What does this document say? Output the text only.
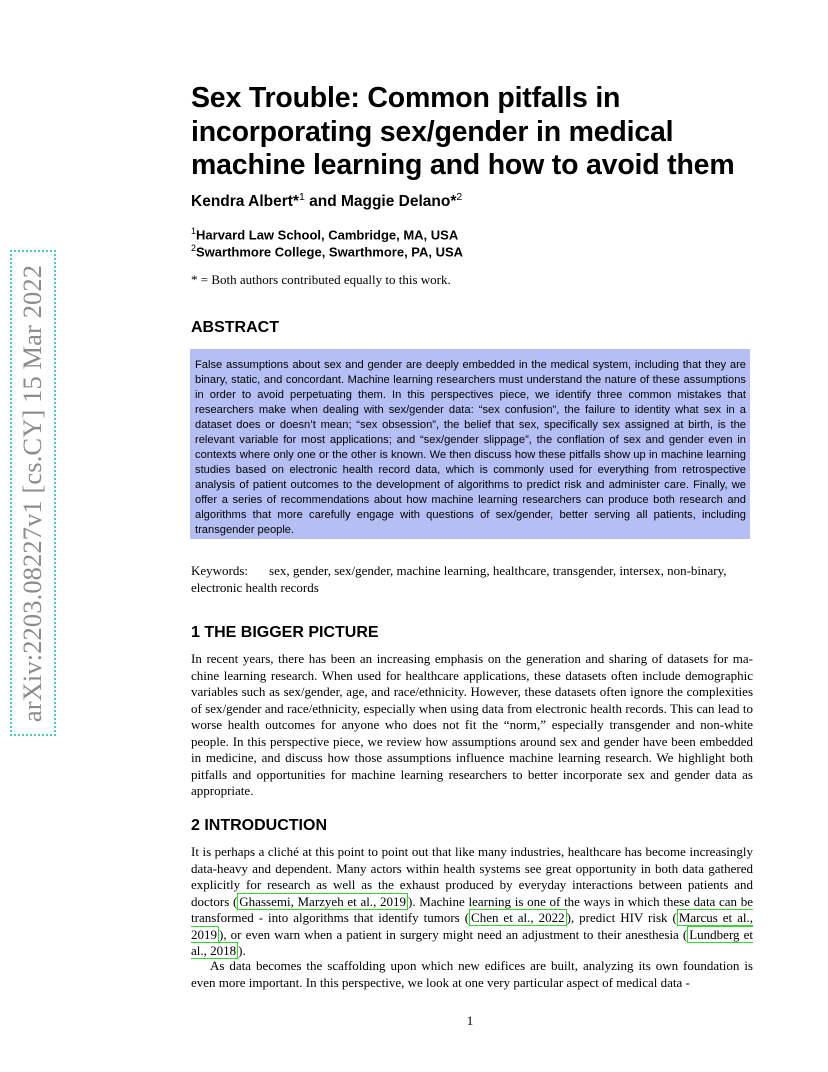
arXiv:2203.08227v1 [cs.CY] 15 Mar 2022
Sex Trouble: Common pitfalls in incorporating sex/gender in medical machine learning and how to avoid them
Kendra Albert*$^1$ and Maggie Delano*$^2$
$^1$Harvard Law School, Cambridge, MA, USA
$^2$Swarthmore College, Swarthmore, PA, USA
* = Both authors contributed equally to this work.
ABSTRACT
False assumptions about sex and gender are deeply embedded in the medical system, including that they are binary, static, and concordant. Machine learning researchers must understand the nature of these assumptions in order to avoid perpetuating them. In this perspectives piece, we identify three common mistakes that researchers make when dealing with sex/gender data: “sex confusion”, the failure to identity what sex in a dataset does or doesn’t mean; “sex obsession”, the belief that sex, specifically sex assigned at birth, is the relevant variable for most applications; and “sex/gender slippage”, the conflation of sex and gender even in contexts where only one or the other is known. We then discuss how these pitfalls show up in machine learning studies based on electronic health record data, which is commonly used for everything from retrospective analysis of patient outcomes to the development of algorithms to predict risk and administer care. Finally, we offer a series of recommendations about how machine learning researchers can produce both research and algorithms that more carefully engage with questions of sex/gender, better serving all patients, including transgender people.
Keywords: sex, gender, sex/gender, machine learning, healthcare, transgender, intersex, non-binary, electronic health records
1 THE BIGGER PICTURE
In recent years, there has been an increasing emphasis on the generation and sharing of datasets for machine learning research. When used for healthcare applications, these datasets often include demographic variables such as sex/gender, age, and race/ethnicity. However, these datasets often ignore the complexities of sex/gender and race/ethnicity, especially when using data from electronic health records. This can lead to worse health outcomes for anyone who does not fit the “norm,” especially transgender and non-white people. In this perspective piece, we review how assumptions around sex and gender have been embedded in medicine, and discuss how those assumptions influence machine learning research. We highlight both pitfalls and opportunities for machine learning researchers to better incorporate sex and gender data as appropriate.
2 INTRODUCTION
It is perhaps a cliché at this point to point out that like many industries, healthcare has become increasingly data-heavy and dependent. Many actors within health systems see great opportunity in both data gathered explicitly for research as well as the exhaust produced by everyday interactions between patients and doctors ( Ghassemi, Marzyeh et al., 2019 ). Machine learning is one of the ways in which these data can be transformed - into algorithms that identify tumors ( Chen et al., 2022 ), predict HIV risk ( Marcus et al., 2019 ), or even warn when a patient in surgery might need an adjustment to their anesthesia ( Lundberg et al., 2018 ).
As data becomes the scaffolding upon which new edifices are built, analyzing its own foundation is even more important. In this perspective, we look at one very particular aspect of medical data -
1
